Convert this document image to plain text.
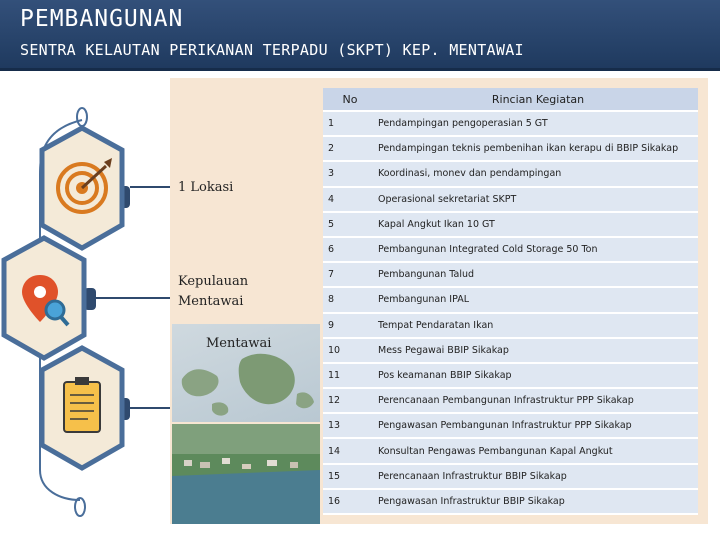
PEMBANGUNAN
SENTRA KELAUTAN PERIKANAN TERPADU (SKPT) KEP. MENTAWAI
1 Lokasi
Kepulauan Mentawai
Mentawai
No	Rincian Kegiatan
1	Pendampingan pengoperasian 5 GT
2	Pendampingan teknis pembenihan ikan kerapu di BBIP Sikakap
3	Koordinasi, monev dan pendampingan
4	Operasional sekretariat SKPT
5	Kapal Angkut Ikan 10 GT
6	Pembangunan Integrated Cold Storage 50 Ton
7	Pembangunan Talud
8	Pembangunan IPAL
9	Tempat Pendaratan Ikan
10	Mess Pegawai BBIP Sikakap
11	Pos keamanan BBIP Sikakap
12	Perencanaan Pembangunan Infrastruktur PPP Sikakap
13	Pengawasan Pembangunan Infrastruktur PPP Sikakap
14	Konsultan Pengawas Pembangunan Kapal Angkut
15	Perencanaan Infrastruktur BBIP Sikakap
16	Pengawasan Infrastruktur BBIP Sikakap
